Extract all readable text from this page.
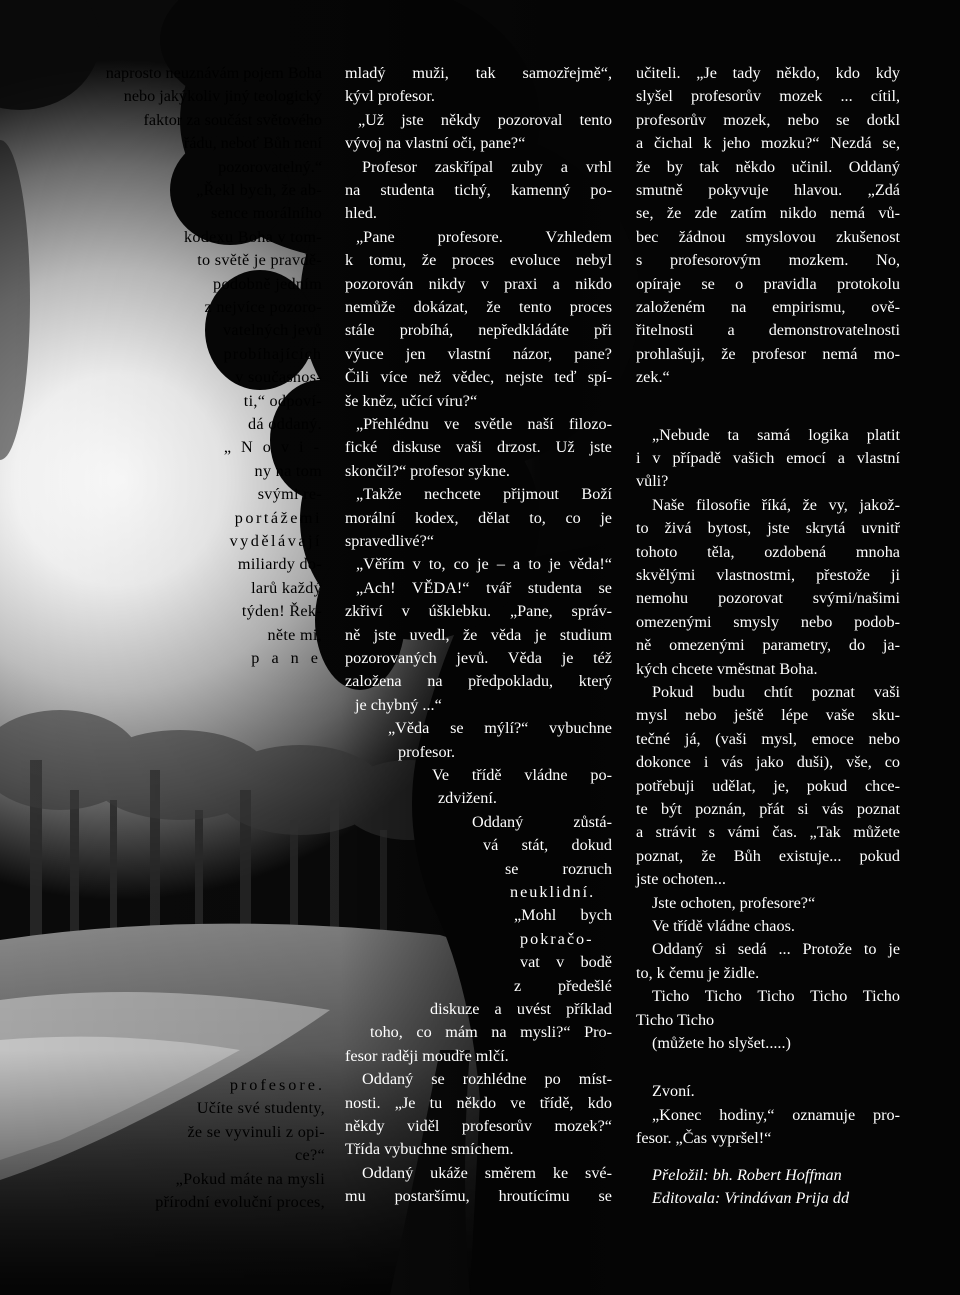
naprosto neuznávám pojem Boha
nebo jakýkoliv jiný teologický
faktor za součást světového
řádu, neboť Bůh není
pozorovatelný.“
„Řekl bych, že ab-
sence morálního
kodexu Boha v tom-
to světě je pravdě-
podobně jedním
z nejvíce pozoro-
vatelných jevů
probíhajících
v současnos-
ti,“ odpoví-
dá oddaný.
„ N o v i -
ny na tom
svými re-
portážemi
vydělávají
miliardy do-
larů každý
týden! Řek-
něte mi,
p a n e
profesore.
Učíte své studenty,
že se vyvinuli z opi-
ce?“
„Pokud máte na mysli
přírodní evoluční proces,
mladý muži, tak samozřejmě“,
kývl profesor.
„Už jste někdy pozoroval tento
vývoj na vlastní oči, pane?“
Profesor zaskřípal zuby a vrhl
na studenta tichý, kamenný po-
hled.
„Pane profesore. Vzhledem
k tomu, že proces evoluce nebyl
pozorován nikdy v praxi a nikdo
nemůže dokázat, že tento proces
stále probíhá, nepředkládáte při
výuce jen vlastní názor, pane?
Čili více než vědec, nejste teď spí-
še kněz, učící víru?“
„Přehlédnu ve světle naší filozo-
fické diskuse vaši drzost. Už jste
skončil?“ profesor sykne.
„Takže nechcete přijmout Boží
morální kodex, dělat to, co je
spravedlivé?“
„Věřím v to, co je – a to je věda!“
„Ach! VĚDA!“ tvář studenta se
zkřiví v úšklebku. „Pane, správ-
ně jste uvedl, že věda je studium
pozorovaných jevů. Věda je též
založena na předpokladu, který
je chybný ...“
„Věda se mýlí?“ vybuchne
profesor.
Ve třídě vládne po-
zdvižení.
Oddaný zůstá-
vá stát, dokud
se rozruch
neuklidní.
„Mohl bych
pokračo-
vat v bodě
z předešlé
diskuze a uvést příklad
toho, co mám na mysli?“ Pro-
fesor raději moudře mlčí.
Oddaný se rozhlédne po míst-
nosti. „Je tu někdo ve třídě, kdo
někdy viděl profesorův mozek?“
Třída vybuchne smíchem.
Oddaný ukáže směrem ke své-
mu postaršímu, hroutícímu se
učiteli. „Je tady někdo, kdo kdy
slyšel profesorův mozek ... cítil,
profesorův mozek, nebo se dotkl
a čichal k jeho mozku?“ Nezdá se,
že by tak někdo učinil. Oddaný
smutně pokyvuje hlavou. „Zdá
se, že zde zatím nikdo nemá vů-
bec žádnou smyslovou zkušenost
s profesorovým mozkem. No,
opíraje se o pravidla protokolu
založeném na empirismu, ově-
řitelnosti a demonstrovatelnosti
prohlašuji, že profesor nemá mo-
zek.“
„Nebude ta samá logika platit
i v případě vašich emocí a vlastní
vůli?
Naše filosofie říká, že vy, jakož-
to živá bytost, jste skrytá uvnitř
tohoto těla, ozdobená mnoha
skvělými vlastnostmi, přestože ji
nemohu pozorovat svými/našimi
omezenými smysly nebo podob-
ně omezenými parametry, do ja-
kých chcete vměstnat Boha.
Pokud budu chtít poznat vaši
mysl nebo ještě lépe vaše sku-
tečné já, (vaši mysl, emoce nebo
dokonce i vás jako duši), vše, co
potřebuji udělat, je, pokud chce-
te být poznán, přát si vás poznat
a strávit s vámi čas. „Tak můžete
poznat, že Bůh existuje... pokud
jste ochoten...
Jste ochoten, profesore?“
Ve třídě vládne chaos.
Oddaný si sedá ... Protože to je
to, k čemu je židle.
Ticho Ticho Ticho Ticho Ticho
Ticho Ticho
(můžete ho slyšet.....)
Zvoní.
„Konec hodiny,“ oznamuje pro-
fesor. „Čas vypršel!“
Přeložil: bh. Robert Hoffman
Editovala: Vrindávan Prija dd
